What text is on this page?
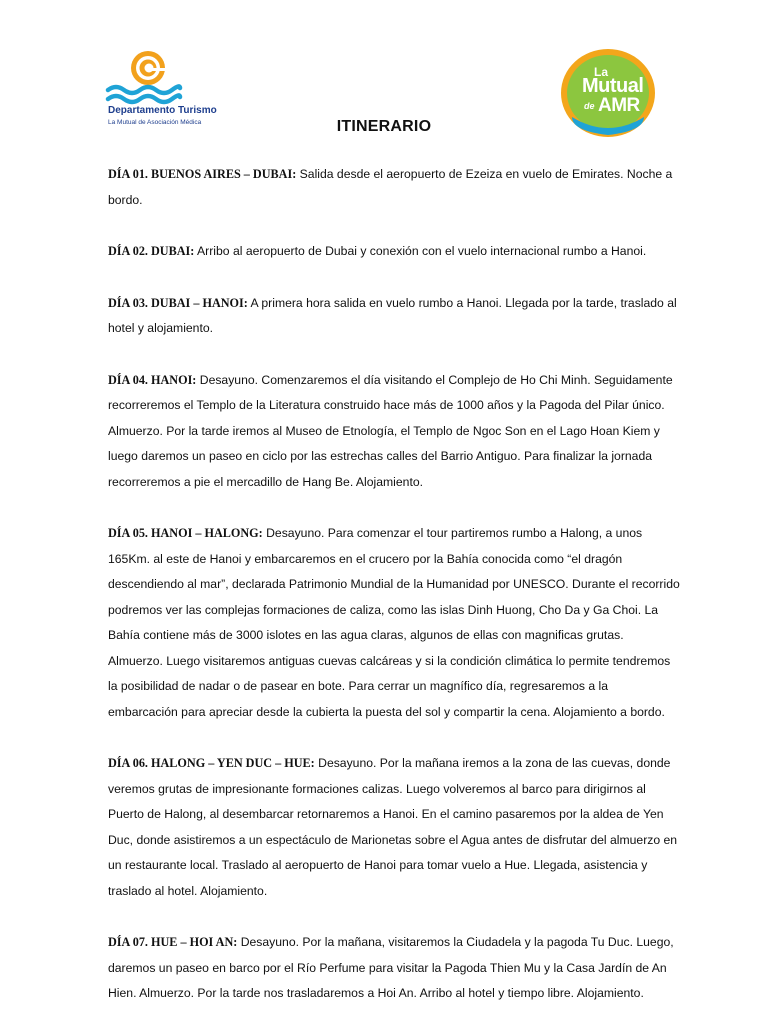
Departamento Turismo
La Mutual de Asociación Médica
La
Mutual
de AMR
ITINERARIO

DÍA 01. BUENOS AIRES – DUBAI: Salida desde el aeropuerto de Ezeiza en vuelo de Emirates. Noche a bordo.

DÍA 02. DUBAI: Arribo al aeropuerto de Dubai y conexión con el vuelo internacional rumbo a Hanoi.

DÍA 03. DUBAI – HANOI: A primera hora salida en vuelo rumbo a Hanoi. Llegada por la tarde, traslado al hotel y alojamiento.

DÍA 04. HANOI: Desayuno. Comenzaremos el día visitando el Complejo de Ho Chi Minh. Seguidamente recorreremos el Templo de la Literatura construido hace más de 1000 años y la Pagoda del Pilar único. Almuerzo. Por la tarde iremos al Museo de Etnología, el Templo de Ngoc Son en el Lago Hoan Kiem y luego daremos un paseo en ciclo por las estrechas calles del Barrio Antiguo. Para finalizar la jornada recorreremos a pie el mercadillo de Hang Be. Alojamiento.

DÍA 05. HANOI – HALONG: Desayuno. Para comenzar el tour partiremos rumbo a Halong, a unos 165Km. al este de Hanoi y embarcaremos en el crucero por la Bahía conocida como “el dragón descendiendo al mar”, declarada Patrimonio Mundial de la Humanidad por UNESCO. Durante el recorrido podremos ver las complejas formaciones de caliza, como las islas Dinh Huong, Cho Da y Ga Choi. La Bahía contiene más de 3000 islotes en las agua claras, algunos de ellas con magnificas grutas. Almuerzo. Luego visitaremos antiguas cuevas calcáreas y si la condición climática lo permite tendremos la posibilidad de nadar o de pasear en bote. Para cerrar un magnífico día, regresaremos a la embarcación para apreciar desde la cubierta la puesta del sol y compartir la cena. Alojamiento a bordo.

DÍA 06. HALONG – YEN DUC – HUE: Desayuno. Por la mañana iremos a la zona de las cuevas, donde veremos grutas de impresionante formaciones calizas. Luego volveremos al barco para dirigirnos al Puerto de Halong, al desembarcar retornaremos a Hanoi. En el camino pasaremos por la aldea de Yen Duc, donde asistiremos a un espectáculo de Marionetas sobre el Agua antes de disfrutar del almuerzo en un restaurante local. Traslado al aeropuerto de Hanoi para tomar vuelo a Hue. Llegada, asistencia y traslado al hotel. Alojamiento.

DÍA 07. HUE – HOI AN: Desayuno. Por la mañana, visitaremos la Ciudadela y la pagoda Tu Duc. Luego, daremos un paseo en barco por el Río Perfume para visitar la Pagoda Thien Mu y la Casa Jardín de An Hien. Almuerzo. Por la tarde nos trasladaremos a Hoi An. Arribo al hotel y tiempo libre. Alojamiento.
